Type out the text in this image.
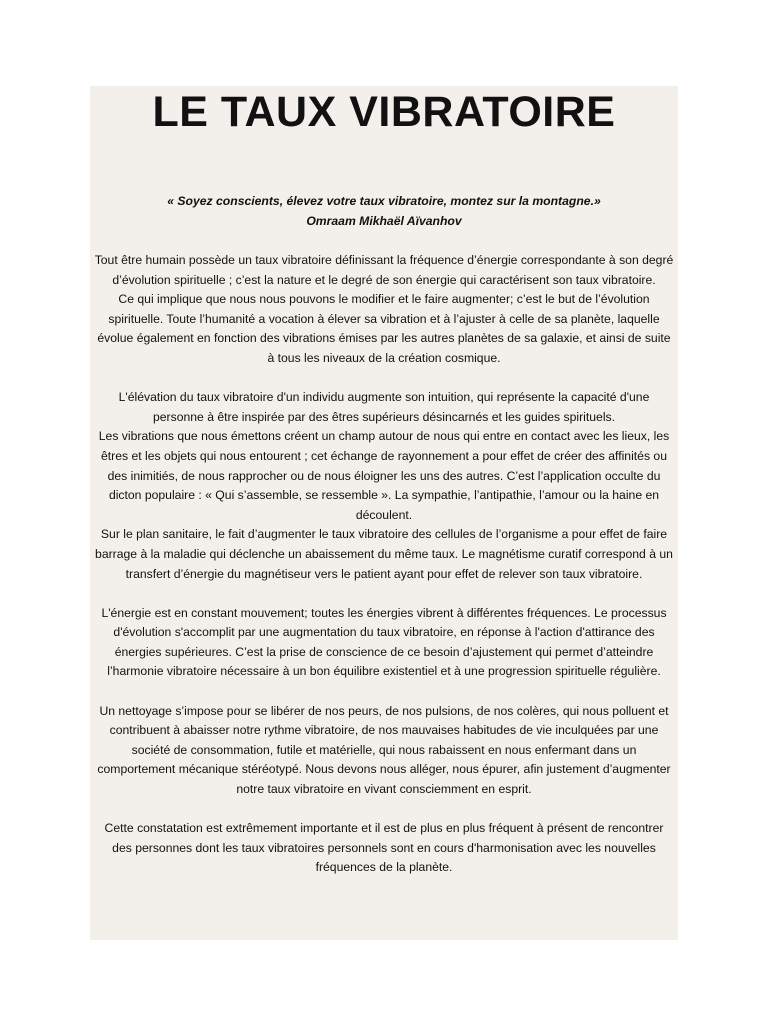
LE TAUX VIBRATOIRE
« Soyez conscients, élevez votre taux vibratoire, montez sur la montagne.»
Omraam Mikhaël Aïvanhov

Tout être humain possède un taux vibratoire définissant la fréquence d’énergie correspondante à son degré d’évolution spirituelle ; c’est la nature et le degré de son énergie qui caractérisent son taux vibratoire.

Ce qui implique que nous nous pouvons le modifier et le faire augmenter; c’est le but de l’évolution spirituelle. Toute l’humanité a vocation à élever sa vibration et à l’ajuster à celle de sa planète, laquelle évolue également en fonction des vibrations émises par les autres planètes de sa galaxie, et ainsi de suite à tous les niveaux de la création cosmique.

L'élévation du taux vibratoire d'un individu augmente son intuition, qui représente la capacité d'une personne à être inspirée par des êtres supérieurs désincarnés et les guides spirituels.

Les vibrations que nous émettons créent un champ autour de nous qui entre en contact avec les lieux, les êtres et les objets qui nous entourent ; cet échange de rayonnement a pour effet de créer des affinités ou des inimitiés, de nous rapprocher ou de nous éloigner les uns des autres. C’est l’application occulte du dicton populaire : « Qui s’assemble, se ressemble ». La sympathie, l’antipathie, l’amour ou la haine en découlent.

Sur le plan sanitaire, le fait d’augmenter le taux vibratoire des cellules de l’organisme a pour effet de faire barrage à la maladie qui déclenche un abaissement du même taux. Le magnétisme curatif correspond à un transfert d’énergie du magnétiseur vers le patient ayant pour effet de relever son taux vibratoire.

L'énergie est en constant mouvement; toutes les énergies vibrent à différentes fréquences. Le processus d'évolution s'accomplit par une augmentation du taux vibratoire, en réponse à l'action d'attirance des énergies supérieures. C’est la prise de conscience de ce besoin d’ajustement qui permet d’atteindre l’harmonie vibratoire nécessaire à un bon équilibre existentiel et à une progression spirituelle régulière.

Un nettoyage s’impose pour se libérer de nos peurs, de nos pulsions, de nos colères, qui nous polluent et contribuent à abaisser notre rythme vibratoire, de nos mauvaises habitudes de vie inculquées par une société de consommation, futile et matérielle, qui nous rabaissent en nous enfermant dans un comportement mécanique stéréotypé. Nous devons nous alléger, nous épurer, afin justement d’augmenter notre taux vibratoire en vivant consciemment en esprit.

Cette constatation est extrêmement importante et il est de plus en plus fréquent à présent de rencontrer des personnes dont les taux vibratoires personnels sont en cours d'harmonisation avec les nouvelles fréquences de la planète.
